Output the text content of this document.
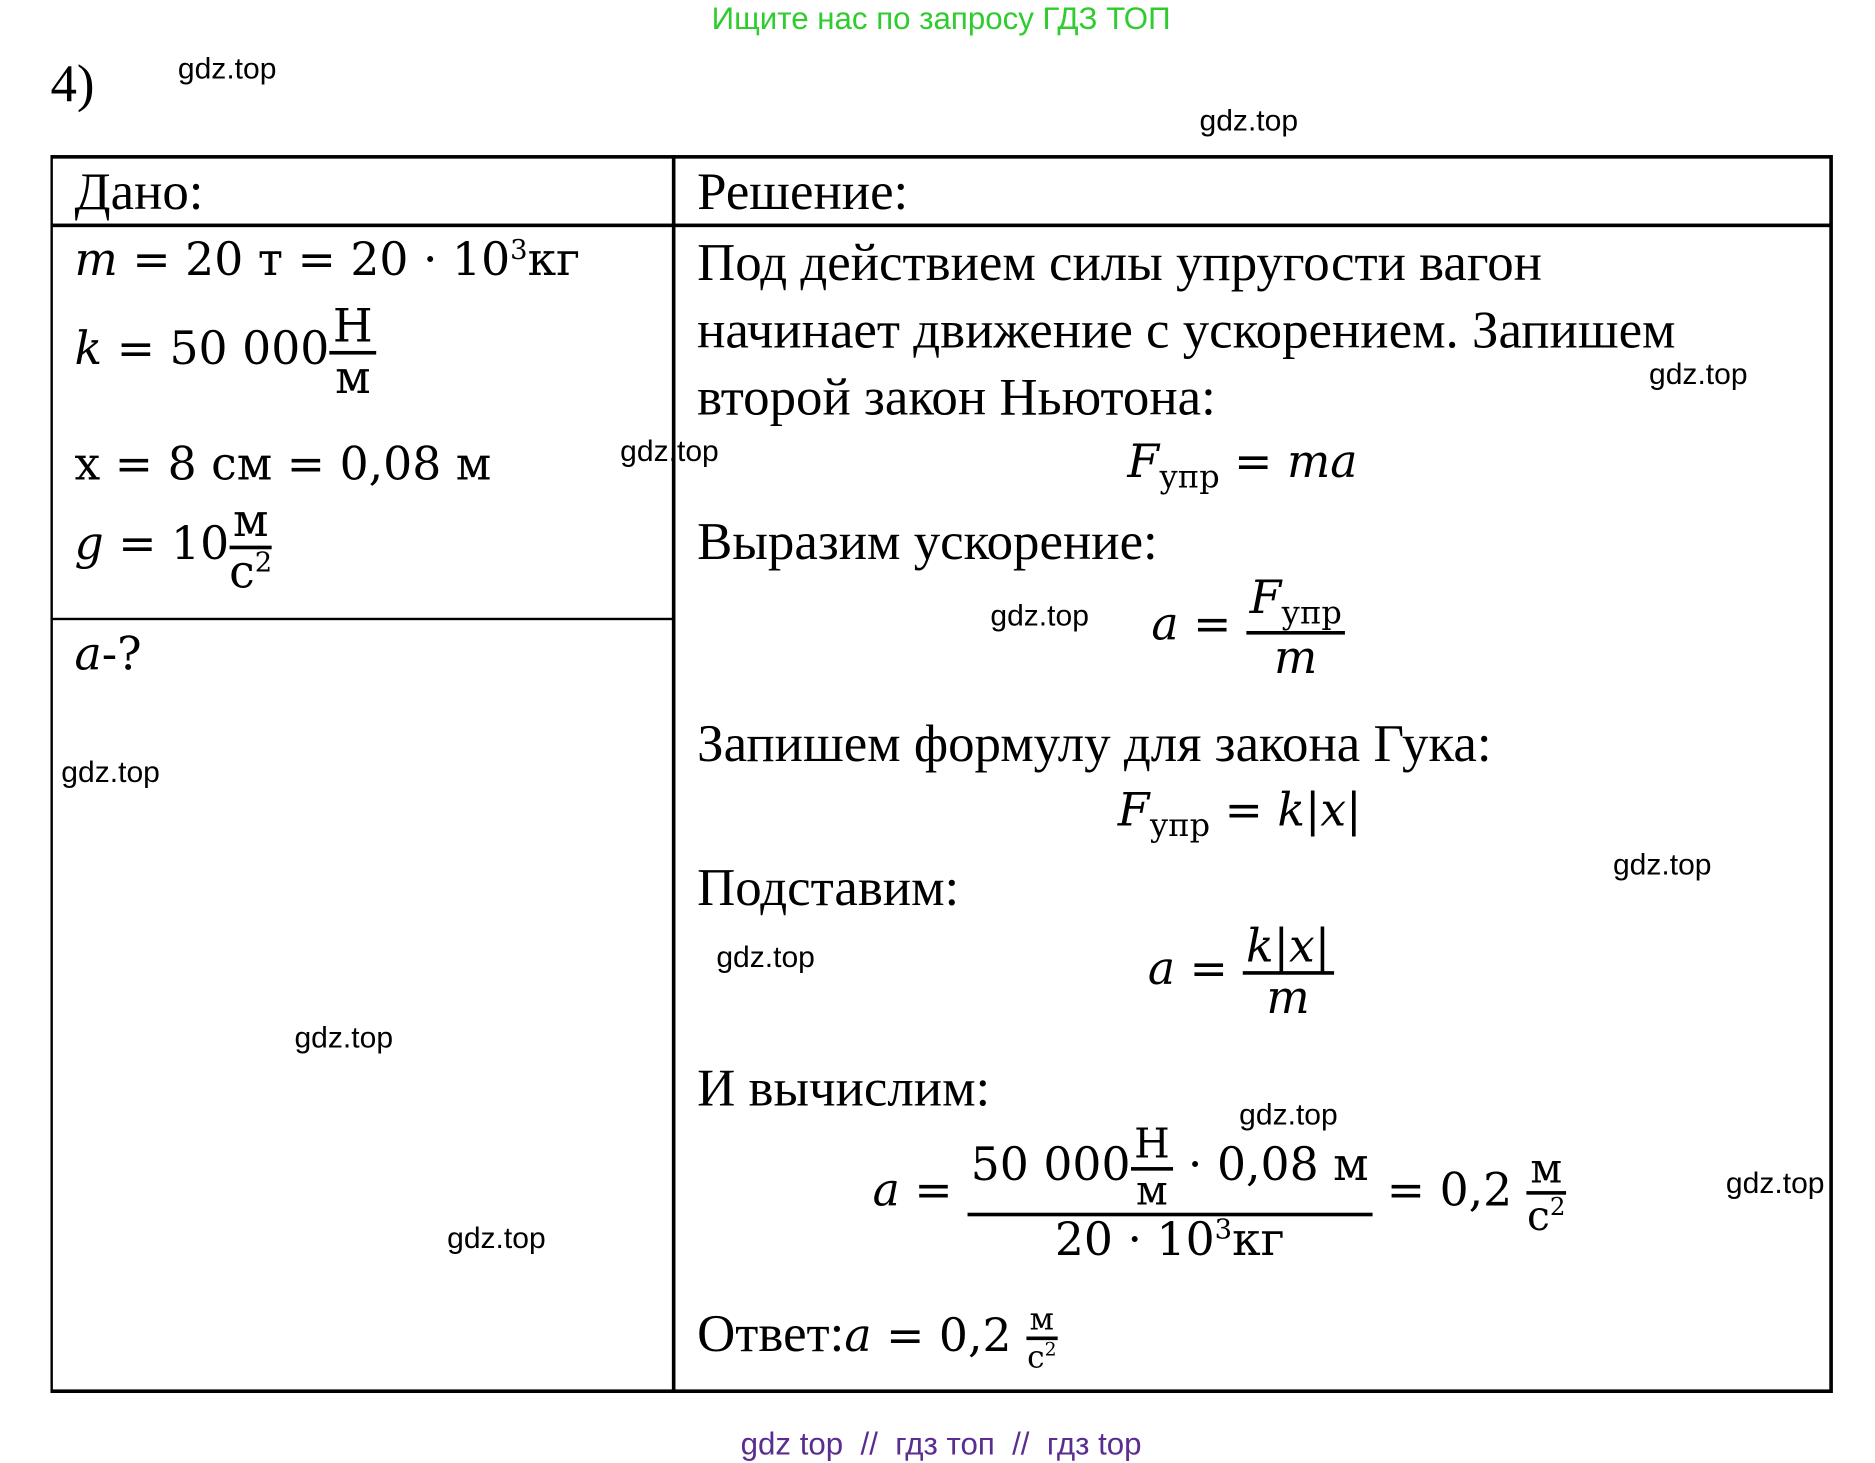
Ищите нас по запросу ГДЗ ТОП
4)
Дано:
m = 20 $т = 20 \cdot 10^3кг$
k = 50 $000 \frac{Н}{м}$
x = 8 см = 0,08 м
$g = 10 \frac{м}{с^2}$
a-?
Решение:
Под действием силы упругости вагон
начинает движение с ускорением. Запишем
второй закон Ньютона:
$F_{упр}$ = ma
Выразим ускорение:
$a = \frac{F_{упр}}{m}$
Запишем формулу для закона Гука:
$F_{упр} = k|x|$
Подставим:
$a = \frac{k|x|}{m}$
И вычислим:
$a = \frac{50 000 \frac{Н}{м} \cdot 0,08 м}{20 \cdot 10^3кг} = 0,2 \frac{м}{с^2}$
Ответ:a = $0,2 \frac{м}{с^2}$
gdz.top
gdz.top
gdz.top
gdz.top
gdz.top
gdz.top
gdz.top
gdz.top
gdz.top
gdz.top
gdz.top
gdz.top
gdz top  //  гдз топ  //  гдз top
